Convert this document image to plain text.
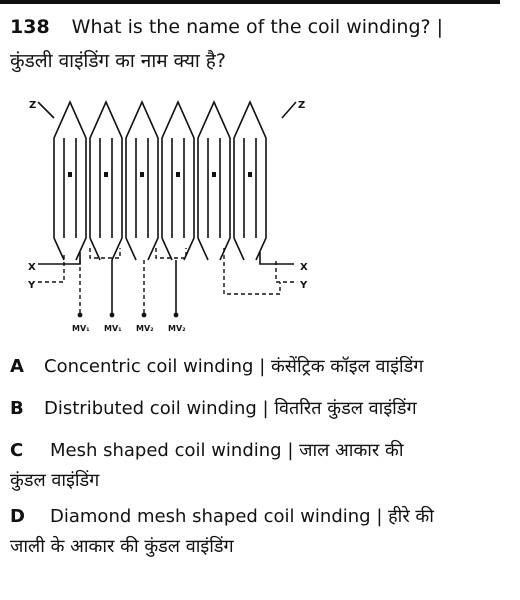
138 What is the name of the coil winding? |
कुंडली वाइंडिंग का नाम क्या है?
Z	Z
X	X
Y	Y
MV₁ MV₁ MV₂ MV₂
A Concentric coil winding | कंसेंट्रिक कॉइल वाइंडिंग
B Distributed coil winding | वितरित कुंडल वाइंडिंग
C Mesh shaped coil winding | जाल आकार की
कुंडल वाइंडिंग
D Diamond mesh shaped coil winding | हीरे की
जाली के आकार की कुंडल वाइंडिंग
